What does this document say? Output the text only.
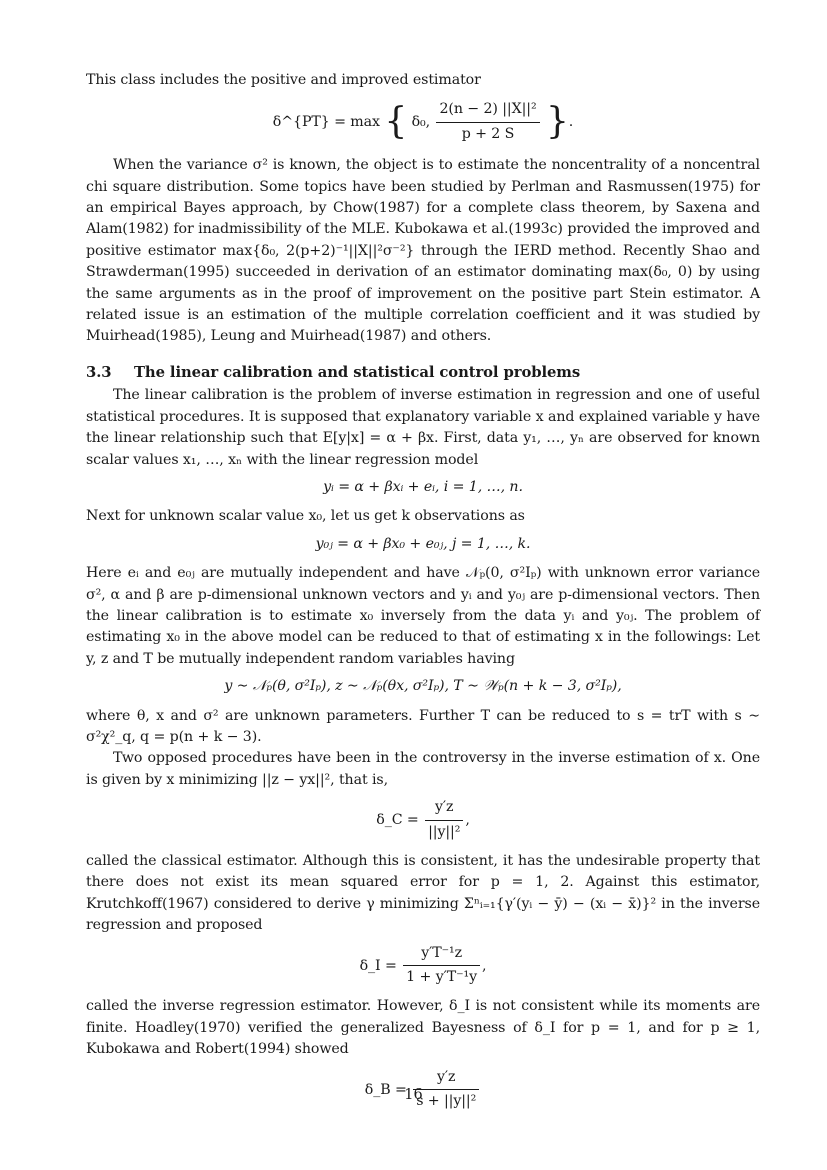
This class includes the positive and improved estimator

δ^{PT} = max { δ₀, $\frac{\text{2(n − 2) ||X||²}}{p + 2 S}$ }.

When the variance σ² is known, the object is to estimate the noncentrality of a noncentral chi square distribution. Some topics have been studied by Perlman and Rasmussen(1975) for an empirical Bayes approach, by Chow(1987) for a complete class theorem, by Saxena and Alam(1982) for inadmissibility of the MLE. Kubokawa et al.(1993c) provided the improved and positive estimator max{δ₀, 2(p+2)⁻¹||X||²σ⁻²} through the IERD method. Recently Shao and Strawderman(1995) succeeded in derivation of an estimator dominating max(δ₀, 0) by using the same arguments as in the proof of improvement on the positive part Stein estimator. A related issue is an estimation of the multiple correlation coefficient and it was studied by Muirhead(1985), Leung and Muirhead(1987) and others.

3.3 The linear calibration and statistical control problems

The linear calibration is the problem of inverse estimation in regression and one of useful statistical procedures. It is supposed that explanatory variable x and explained variable y have the linear relationship such that E[y|x] = α + βx. First, data y₁, …, yₙ are observed for known scalar values x₁, …, xₙ with the linear regression model

yᵢ = α + βxᵢ + eᵢ, i = 1, …, n.

Next for unknown scalar value x₀, let us get k observations as

y₀ⱼ = α + βx₀ + e₀ⱼ, j = 1, …, k.

Here eᵢ and e₀ⱼ are mutually independent and have 𝒩ₚ(0, σ²Iₚ) with unknown error variance σ², α and β are p-dimensional unknown vectors and yᵢ and y₀ⱼ are p-dimensional vectors. Then the linear calibration is to estimate x₀ inversely from the data yᵢ and y₀ⱼ. The problem of estimating x₀ in the above model can be reduced to that of estimating x in the followings: Let y, z and T be mutually independent random variables having

y ∼ 𝒩ₚ(θ, σ²Iₚ), z ∼ 𝒩ₚ(θx, σ²Iₚ), T ∼ 𝒲ₚ(n + k − 3, σ²Iₚ),

where θ, x and σ² are unknown parameters. Further T can be reduced to s = trT with s ∼ σ²χ²_q, q = p(n + k − 3).

Two opposed procedures have been in the controversy in the inverse estimation of x. One is given by x minimizing ||z − yx||², that is,

δ_C = $\frac{y'z}{\text{||y||²}}$ ,

called the classical estimator. Although this is consistent, it has the undesirable property that there does not exist its mean squared error for p = 1, 2. Against this estimator, Krutchkoff(1967) considered to derive γ minimizing Σⁿᵢ₌₁{γ′(yᵢ − ȳ) − (xᵢ − x̄)}² in the inverse regression and proposed

δ_I = $\frac{\text{y′T⁻¹z}}{\text{1 + y′T⁻¹y}}$ ,

called the inverse regression estimator. However, δ_I is not consistent while its moments are finite. Hoadley(1970) verified the generalized Bayesness of δ_I for p = 1, and for p ≥ 1, Kubokawa and Robert(1994) showed

δ_B = $\frac{y'z}{\text{s + ||y||²}}$
16
